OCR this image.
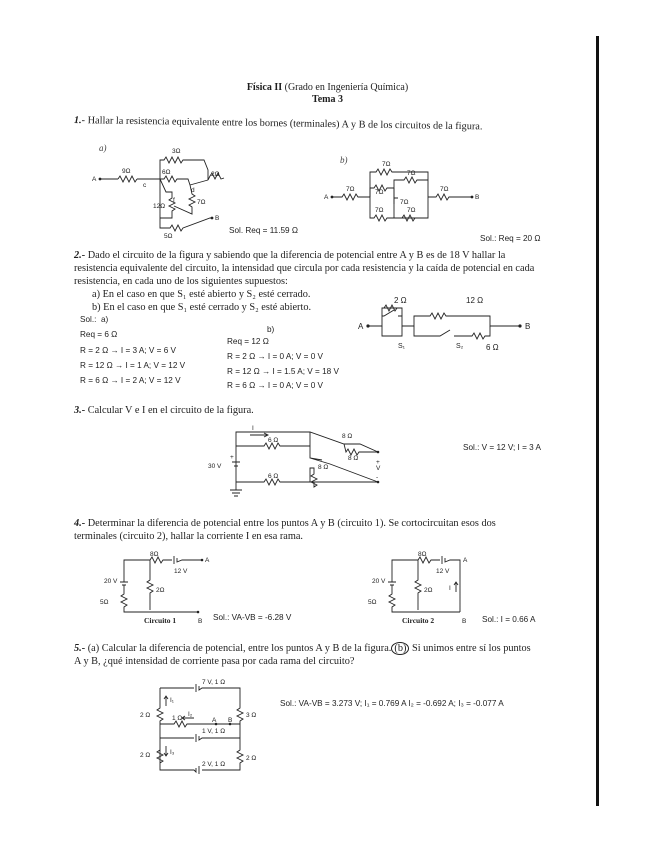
Física II (Grado en Ingeniería Química)
Tema 3
1.- Hallar la resistencia equivalente entre los bornes (terminales) A y B de los circuitos de la figura.
a)
b)
A
B
3Ω
9Ω	6Ω	2Ω
7Ω
12Ω
5Ω
c
d
f
Sol. Req = 11.59 Ω
A	B
7Ω
7Ω
7Ω
7Ω
7Ω	7Ω
7Ω
7Ω
Sol.: Req = 20 Ω
2.- Dado el circuito de la figura y sabiendo que la diferencia de potencial entre A y B es de 18 V hallar la
resistencia equivalente del circuito, la intensidad que circula por cada resistencia y la caída de potencial en cada
resistencia, en cada uno de los siguientes supuestos:
a) En el caso en que S₁ esté abierto y S₂ esté cerrado.
b) En el caso en que S₁ esté cerrado y S₂ esté abierto.
Sol.: a)
b)
Req = 6 Ω
R = 2 Ω → I = 3 A; V = 6 V
R = 12 Ω → I = 1 A; V = 12 V
R = 6 Ω → I = 2 A; V = 12 V
Req = 12 Ω
R = 2 Ω → I = 0 A; V = 0 V
R = 12 Ω → I = 1.5 A; V = 18 V
R = 6 Ω → I = 0 A; V = 0 V
A	B
2 Ω	12 Ω
6 Ω
S₁	S₂
3.- Calcular V e I en el circuito de la figura.
Sol.: V = 12 V; I = 3 A
I
6 Ω
6 Ω
8 Ω
8 Ω
8 Ω
30 V
+
+
V
-
4.- Determinar la diferencia de potencial entre los puntos A y B (circuito 1). Se cortocircuitan esos dos
terminales (circuito 2), hallar la corriente I en esa rama.
8Ω
12 V
2Ω
5Ω
20 V
A
B
Circuito 1	Sol.: VA-VB = -6.28 V
8Ω
12 V
2Ω
5Ω
20 V
I
A
B
Circuito 2	Sol.: I = 0.66 A
5.- (a) Calcular la diferencia de potencial, entre los puntos A y B de la figura. (b) Si unimos entre sí los puntos
A y B, ¿qué intensidad de corriente pasa por cada rama del circuito?
Sol.: VA-VB = 3.273 V; I₁ = 0.769 A I₂ = -0.692 A; I₃ = -0.077 A
7 V, 1 Ω
1 V, 1 Ω
2 V, 1 Ω
2 Ω
2 Ω
1 Ω	3 Ω
2 Ω
I₁
I₂
I₃
A B
